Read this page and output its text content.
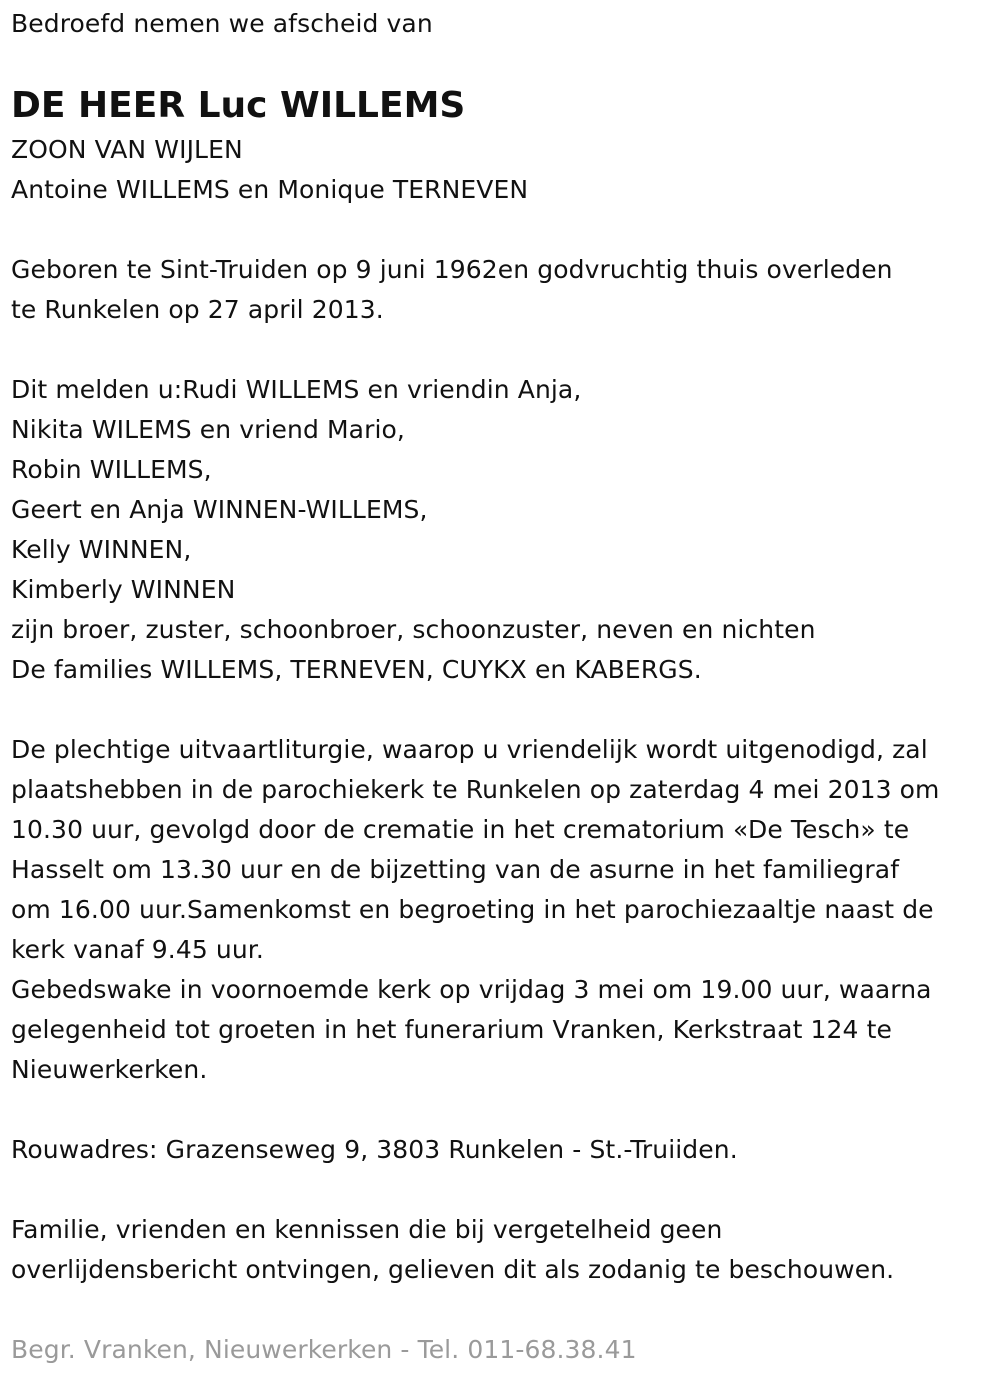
Bedroefd nemen we afscheid van
DE HEER Luc WILLEMS
ZOON VAN WIJLEN
Antoine WILLEMS en Monique TERNEVEN
Geboren te Sint-Truiden op 9 juni 1962en godvruchtig thuis overleden
te Runkelen op 27 april 2013.
Dit melden u:Rudi WILLEMS en vriendin Anja,
Nikita WILEMS en vriend Mario,
Robin WILLEMS,
Geert en Anja WINNEN-WILLEMS,
Kelly WINNEN,
Kimberly WINNEN
zijn broer, zuster, schoonbroer, schoonzuster, neven en nichten
De families WILLEMS, TERNEVEN, CUYKX en KABERGS.
De plechtige uitvaartliturgie, waarop u vriendelijk wordt uitgenodigd, zal
plaatshebben in de parochiekerk te Runkelen op zaterdag 4 mei 2013 om
10.30 uur, gevolgd door de crematie in het crematorium «De Tesch» te
Hasselt om 13.30 uur en de bijzetting van de asurne in het familiegraf
om 16.00 uur.Samenkomst en begroeting in het parochiezaaltje naast de
kerk vanaf 9.45 uur.
Gebedswake in voornoemde kerk op vrijdag 3 mei om 19.00 uur, waarna
gelegenheid tot groeten in het funerarium Vranken, Kerkstraat 124 te
Nieuwerkerken.
Rouwadres: Grazenseweg 9, 3803 Runkelen - St.-Truiiden.
Familie, vrienden en kennissen die bij vergetelheid geen
overlijdensbericht ontvingen, gelieven dit als zodanig te beschouwen.
Begr. Vranken, Nieuwerkerken - Tel. 011-68.38.41
